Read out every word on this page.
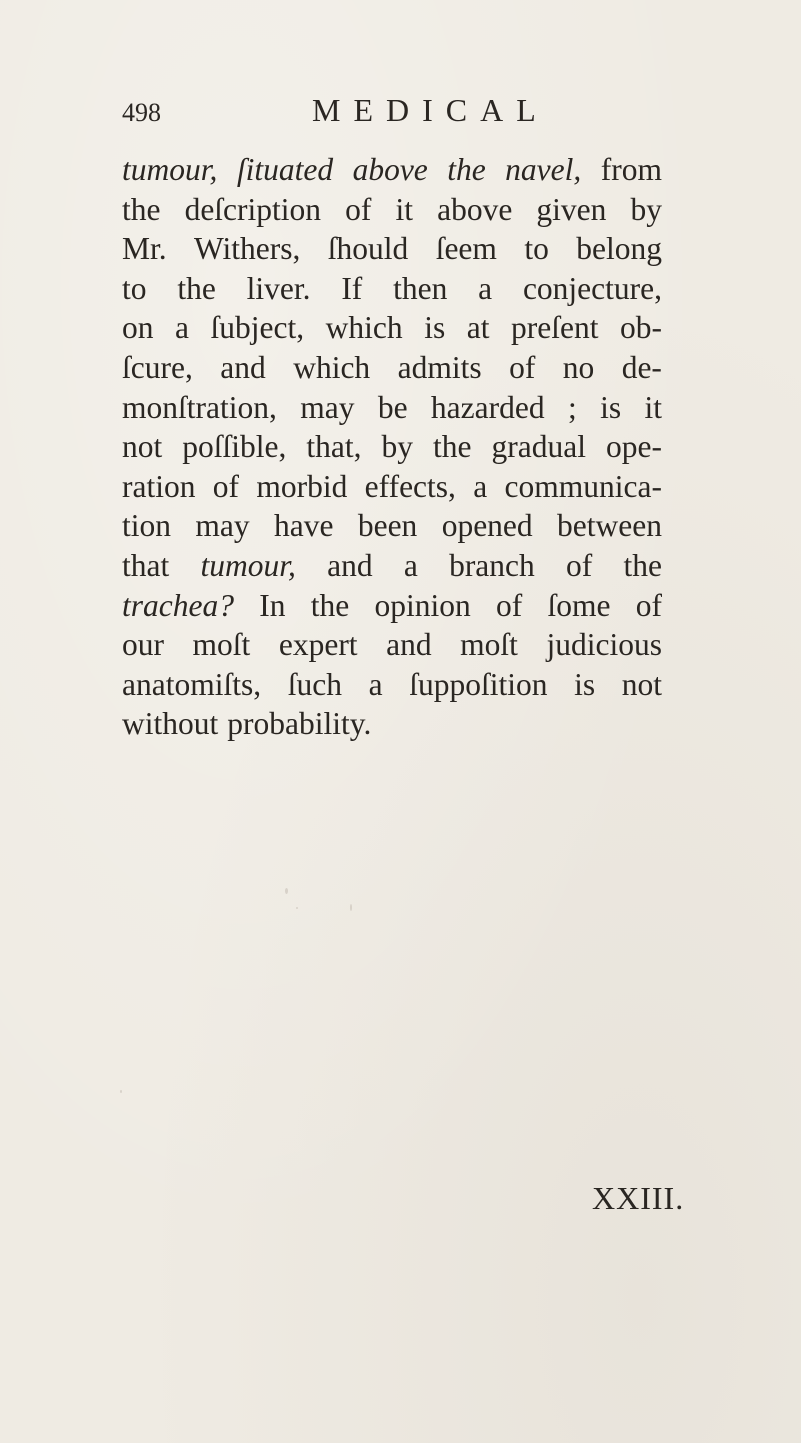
498	MEDICAL
tumour, ſituated above the navel, from
the deſcription of it above given by
Mr. Withers, ſhould ſeem to belong
to the liver. If then a conjecture,
on a ſubject, which is at preſent ob-
ſcure, and which admits of no de-
monſtration, may be hazarded ; is it
not poſſible, that, by the gradual ope-
ration of morbid effects, a communica-
tion may have been opened between
that tumour, and a branch of the
trachea? In the opinion of ſome of
our moſt expert and moſt judicious
anatomiſts, ſuch a ſuppoſition is not
without probability.
XXIII.
